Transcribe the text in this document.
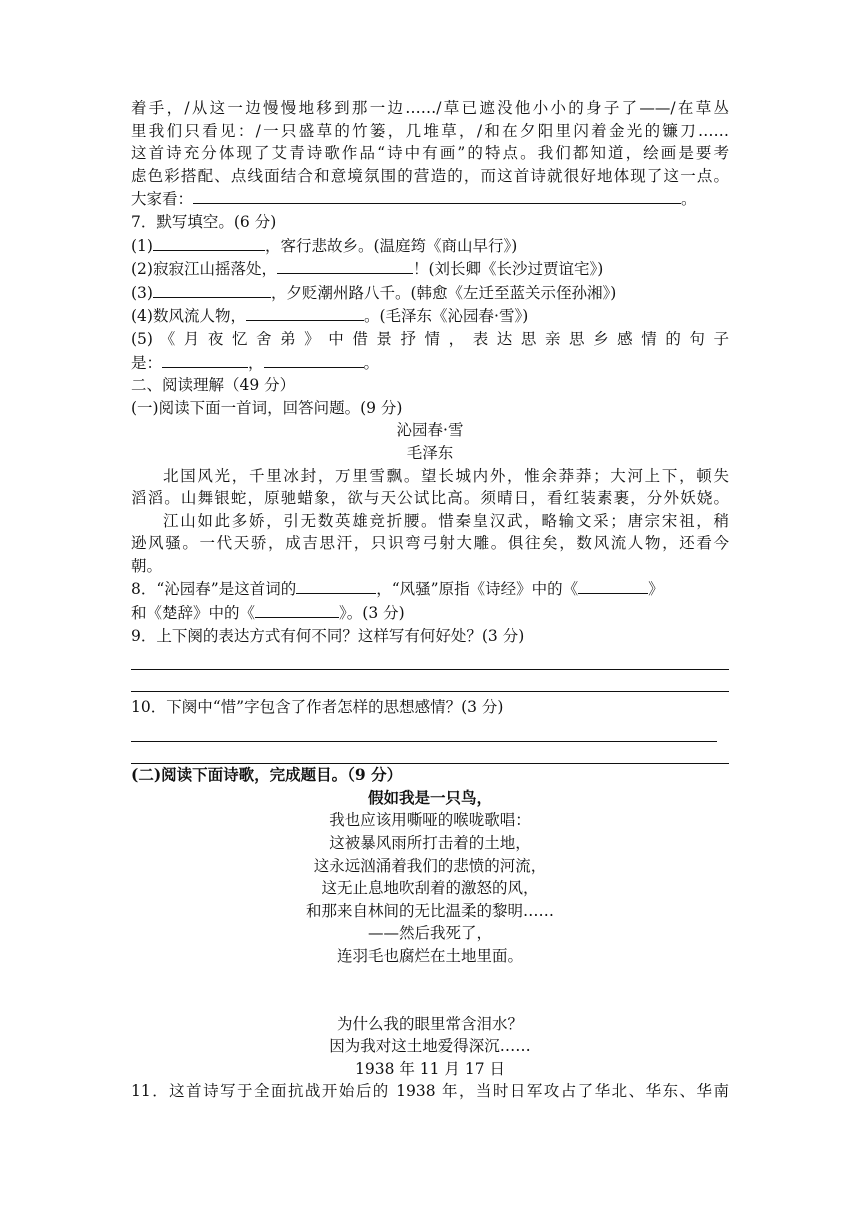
着手，/从这一边慢慢地移到那一边……/草已遮没他小小的身子了——/在草丛
里我们只看见：/一只盛草的竹篓，几堆草，/和在夕阳里闪着金光的镰刀……
这首诗充分体现了艾青诗歌作品“诗中有画”的特点。我们都知道，绘画是要考
虑色彩搭配、点线面结合和意境氛围的营造的，而这首诗就很好地体现了这一点。
大家看：	。
7．默写填空。(6 分)
(1)	，客行悲故乡。(温庭筠《商山早行》)
(2)寂寂江山摇落处，	！(刘长卿《长沙过贾谊宅》)
(3)	，夕贬潮州路八千。(韩愈《左迁至蓝关示侄孙湘》)
(4)数风流人物，	。(毛泽东《沁园春·雪》)
(5) 《 月 夜 忆 舍 弟 》 中 借 景 抒 情 ， 表 达 思 亲 思 乡 感 情 的 句 子
是：	，	。
二、阅读理解（49 分）
(一)阅读下面一首词，回答问题。(9 分)
沁园春·雪
毛泽东
北国风光，千里冰封，万里雪飘。望长城内外，惟余莽莽；大河上下，顿失
滔滔。山舞银蛇，原驰蜡象，欲与天公试比高。须晴日，看红装素裹，分外妖娆。
江山如此多娇，引无数英雄竞折腰。惜秦皇汉武，略输文采；唐宗宋祖，稍
逊风骚。一代天骄，成吉思汗，只识弯弓射大雕。俱往矣，数风流人物，还看今
朝。
8．“沁园春”是这首词的	，“风骚”原指《诗经》中的《	》
和《楚辞》中的《	》。(3 分)
9．上下阕的表达方式有何不同？这样写有何好处？(3 分)
10．下阕中“惜”字包含了作者怎样的思想感情？(3 分)
(二)阅读下面诗歌，完成题目。（9 分）
假如我是一只鸟，
我也应该用嘶哑的喉咙歌唱：
这被暴风雨所打击着的土地，
这永远汹涌着我们的悲愤的河流，
这无止息地吹刮着的激怒的风，
和那来自林间的无比温柔的黎明……
——然后我死了，
连羽毛也腐烂在土地里面。
为什么我的眼里常含泪水？
因为我对这土地爱得深沉……
1938 年 11 月 17 日
11．这首诗写于全面抗战开始后的 1938 年，当时日军攻占了华北、华东、华南
